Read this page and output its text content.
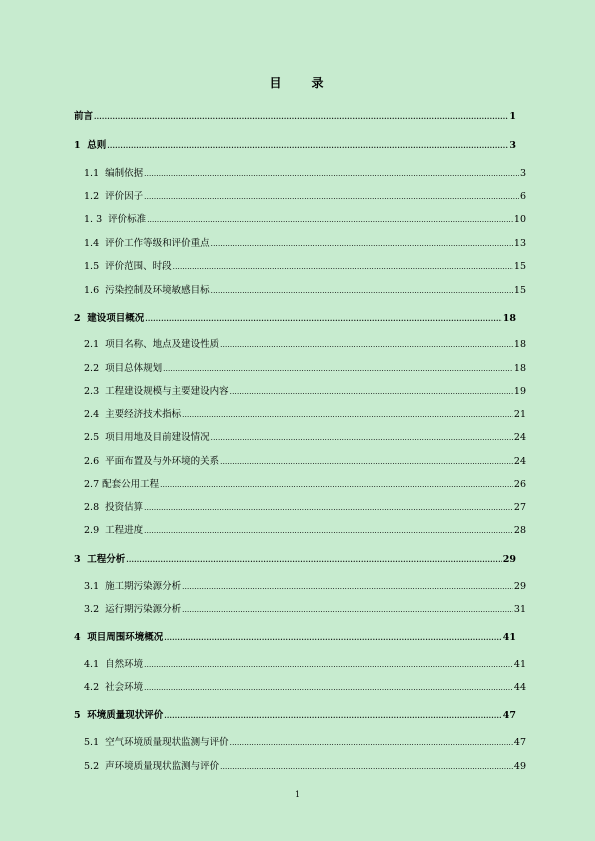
目 录
前言 .....	1
1 总则 .....	3
1.1 编制依据 .....	3
1.2 评价因子 .....	6
1. 3 评价标准 .....	10
1.4 评价工作等级和评价重点 .....	13
1.5 评价范围、时段 .....	15
1.6 污染控制及环境敏感目标 .....	15
2 建设项目概况 .....	18
2.1 项目名称、地点及建设性质 .....	18
2.2 项目总体规划 .....	18
2.3 工程建设规模与主要建设内容 .....	19
2.4 主要经济技术指标 .....	21
2.5 项目用地及目前建设情况 .....	24
2.6 平面布置及与外环境的关系 .....	24
2.7 配套公用工程 .....	26
2.8 投资估算 .....	27
2.9 工程进度 .....	28
3 工程分析 .....	29
3.1 施工期污染源分析 .....	29
3.2 运行期污染源分析 .....	31
4 项目周围环境概况 .....	41
4.1 自然环境 .....	41
4.2 社会环境 .....	44
5 环境质量现状评价 .....	47
5.1 空气环境质量现状监测与评价 .....	47
5.2 声环境质量现状监测与评价 .....	49
1
